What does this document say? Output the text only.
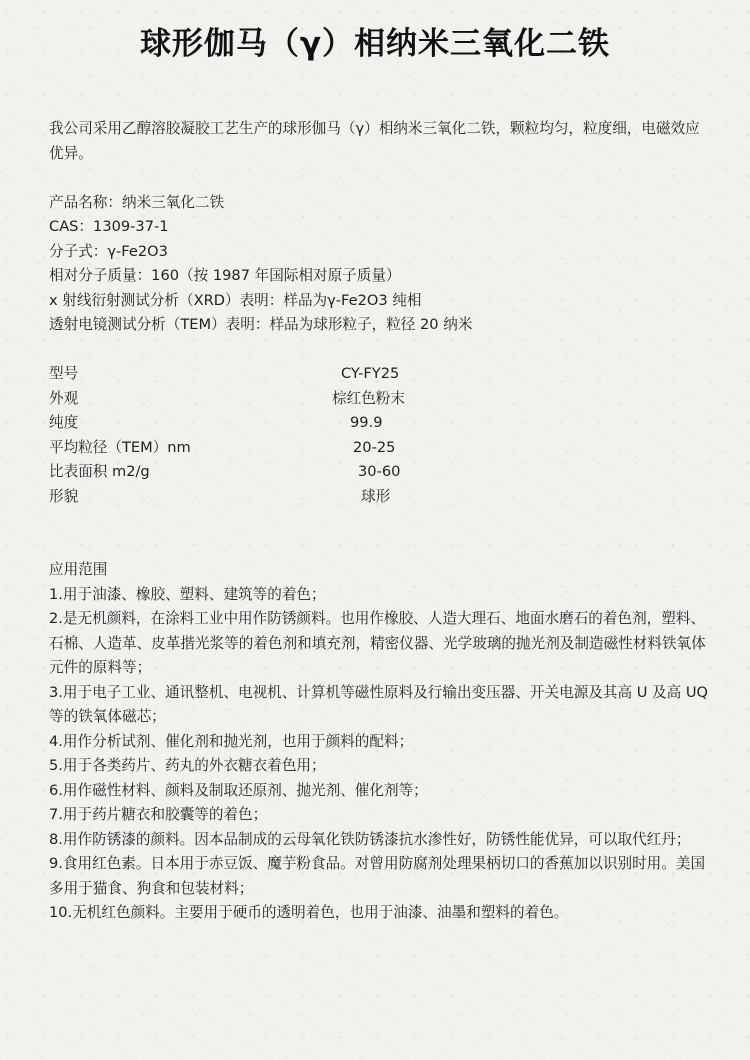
球形伽马（γ）相纳米三氧化二铁

我公司采用乙醇溶胶凝胶工艺生产的球形伽马（γ）相纳米三氧化二铁，颗粒均匀，粒度细，电磁效应优异。

产品名称：纳米三氧化二铁

CAS：1309-37-1

分子式：γ-Fe2O3

相对分子质量：160（按 1987 年国际相对原子质量）

x 射线衍射测试分析（XRD）表明：样品为γ-Fe2O3 纯相

透射电镜测试分析（TEM）表明：样品为球形粒子，粒径 20 纳米

型号	CY-FY25
外观	棕红色粉末
纯度	99.9
平均粒径（TEM）nm	20-25
比表面积 m2/g	30-60
形貌	球形

应用范围

1.用于油漆、橡胶、塑料、建筑等的着色；

2.是无机颜料，在涂料工业中用作防锈颜料。也用作橡胶、人造大理石、地面水磨石的着色剂，塑料、石棉、人造革、皮革揩光浆等的着色剂和填充剂，精密仪器、光学玻璃的抛光剂及制造磁性材料铁氧体元件的原料等；

3.用于电子工业、通讯整机、电视机、计算机等磁性原料及行输出变压器、开关电源及其高 U 及高 UQ 等的铁氧体磁芯；

4.用作分析试剂、催化剂和抛光剂，也用于颜料的配料；

5.用于各类药片、药丸的外衣糖衣着色用；

6.用作磁性材料、颜料及制取还原剂、抛光剂、催化剂等；

7.用于药片糖衣和胶囊等的着色；

8.用作防锈漆的颜料。因本品制成的云母氧化铁防锈漆抗水渗性好，防锈性能优异，可以取代红丹；

9.食用红色素。日本用于赤豆饭、魔芋粉食品。对曾用防腐剂处理果柄切口的香蕉加以识别时用。美国多用于猫食、狗食和包装材料；

10.无机红色颜料。主要用于硬币的透明着色，也用于油漆、油墨和塑料的着色。
